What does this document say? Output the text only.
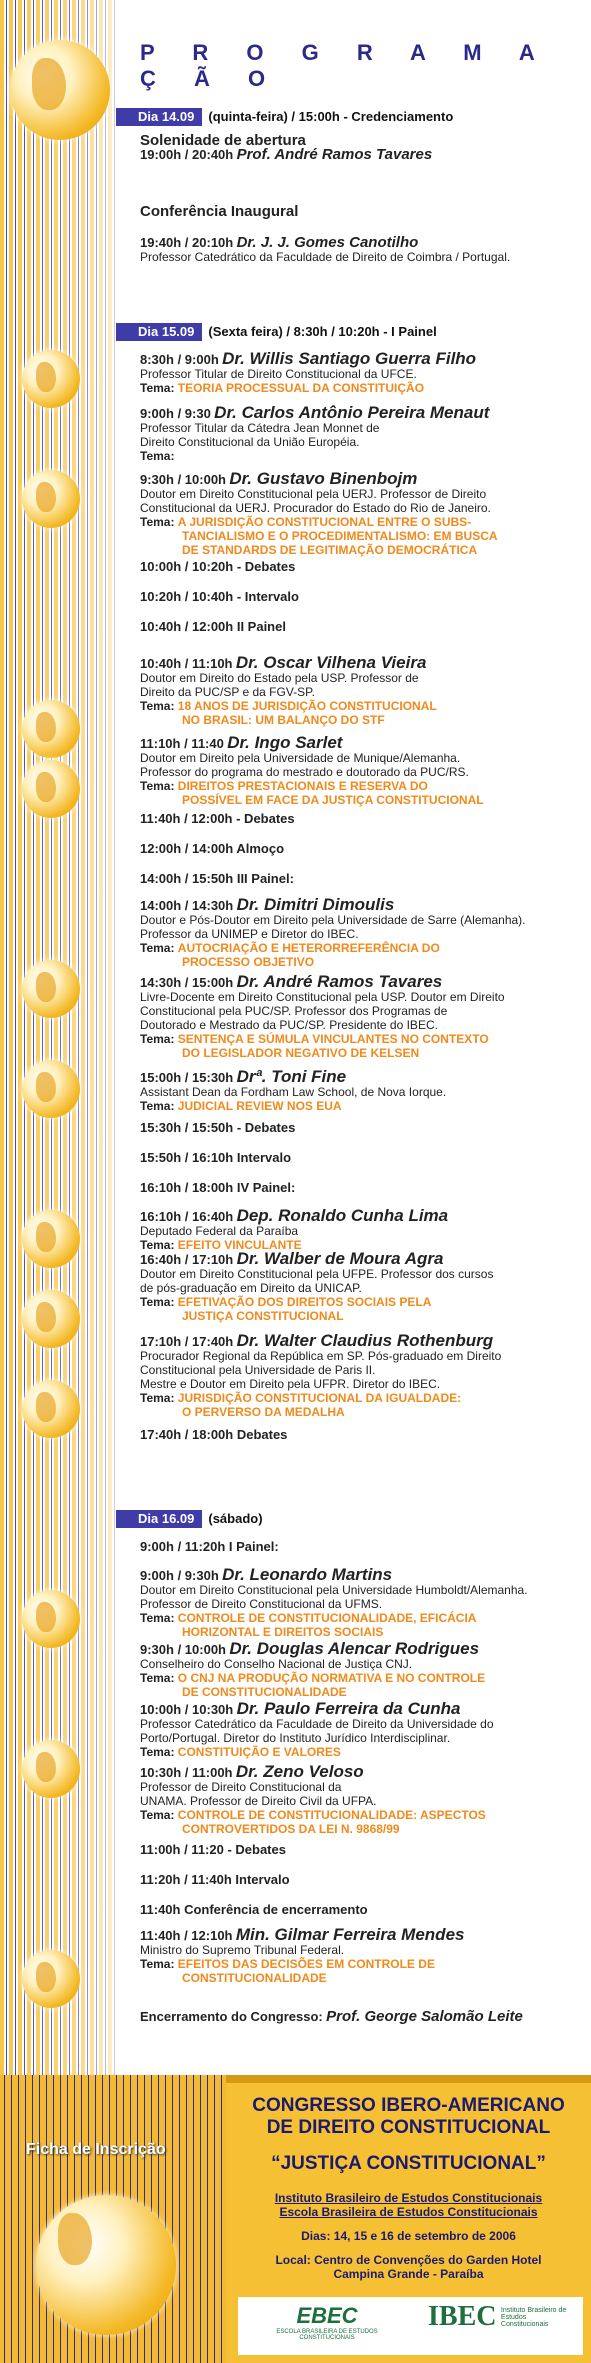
P R O G R A M A Ç Ã O
Dia 14.09 (quinta-feira) / 15:00h - Credenciamento
Solenidade de abertura
19:00h / 20:40h Prof. André Ramos Tavares
Conferência Inaugural
19:40h / 20:10h Dr. J. J. Gomes Canotilho
Professor Catedrático da Faculdade de Direito de Coimbra / Portugal.
Dia 15.09 (Sexta feira) / 8:30h / 10:20h - I Painel
8:30h / 9:00h Dr. Willis Santiago Guerra Filho
Professor Titular de Direito Constitucional da UFCE.
Tema: TEORIA PROCESSUAL DA CONSTITUIÇÃO
9:00h / 9:30 Dr. Carlos Antônio Pereira Menaut
Professor Titular da Cátedra Jean Monnet de
Direito Constitucional da União Européia.
Tema:
9:30h / 10:00h Dr. Gustavo Binenbojm
Doutor em Direito Constitucional pela UERJ. Professor de Direito
Constitucional da UERJ. Procurador do Estado do Rio de Janeiro.
Tema: A JURISDIÇÃO CONSTITUCIONAL ENTRE O SUBS-
TANCIALISMO E O PROCEDIMENTALISMO: EM BUSCA
DE STANDARDS DE LEGITIMAÇÃO DEMOCRÁTICA
10:00h / 10:20h - Debates
10:20h / 10:40h - Intervalo
10:40h / 12:00h II Painel
10:40h / 11:10h Dr. Oscar Vilhena Vieira
Doutor em Direito do Estado pela USP. Professor de
Direito da PUC/SP e da FGV-SP.
Tema: 18 ANOS DE JURISDIÇÃO CONSTITUCIONAL
NO BRASIL: UM BALANÇO DO STF
11:10h / 11:40 Dr. Ingo Sarlet
Doutor em Direito pela Universidade de Munique/Alemanha.
Professor do programa do mestrado e doutorado da PUC/RS.
Tema: DIREITOS PRESTACIONAIS E RESERVA DO
POSSÍVEL EM FACE DA JUSTIÇA CONSTITUCIONAL
11:40h / 12:00h - Debates
12:00h / 14:00h Almoço
14:00h / 15:50h III Painel:
14:00h / 14:30h Dr. Dimitri Dimoulis
Doutor e Pós-Doutor em Direito pela Universidade de Sarre (Alemanha).
Professor da UNIMEP e Diretor do IBEC.
Tema: AUTOCRIAÇÃO E HETERORREFERÊNCIA DO
PROCESSO OBJETIVO
14:30h / 15:00h Dr. André Ramos Tavares
Livre-Docente em Direito Constitucional pela USP. Doutor em Direito
Constitucional pela PUC/SP. Professor dos Programas de
Doutorado e Mestrado da PUC/SP. Presidente do IBEC.
Tema: SENTENÇA E SÚMULA VINCULANTES NO CONTEXTO
DO LEGISLADOR NEGATIVO DE KELSEN
15:00h / 15:30h Drª. Toni Fine
Assistant Dean da Fordham Law School, de Nova Iorque.
Tema: JUDICIAL REVIEW NOS EUA
15:30h / 15:50h - Debates
15:50h / 16:10h Intervalo
16:10h / 18:00h IV Painel:
16:10h / 16:40h Dep. Ronaldo Cunha Lima
Deputado Federal da Paraíba
Tema: EFEITO VINCULANTE
16:40h / 17:10h Dr. Walber de Moura Agra
Doutor em Direito Constitucional pela UFPE. Professor dos cursos
de pós-graduação em Direito da UNICAP.
Tema: EFETIVAÇÃO DOS DIREITOS SOCIAIS PELA
JUSTIÇA CONSTITUCIONAL
17:10h / 17:40h Dr. Walter Claudius Rothenburg
Procurador Regional da República em SP. Pós-graduado em Direito
Constitucional pela Universidade de Paris II.
Mestre e Doutor em Direito pela UFPR. Diretor do IBEC.
Tema: JURISDIÇÃO CONSTITUCIONAL DA IGUALDADE:
O PERVERSO DA MEDALHA
17:40h / 18:00h Debates
Dia 16.09 (sábado)
9:00h / 11:20h I Painel:
9:00h / 9:30h Dr. Leonardo Martins
Doutor em Direito Constitucional pela Universidade Humboldt/Alemanha.
Professor de Direito Constitucional da UFMS.
Tema: CONTROLE DE CONSTITUCIONALIDADE, EFICÁCIA
HORIZONTAL E DIREITOS SOCIAIS
9:30h / 10:00h Dr. Douglas Alencar Rodrigues
Conselheiro do Conselho Nacional de Justiça CNJ.
Tema: O CNJ NA PRODUÇÃO NORMATIVA E NO CONTROLE
DE CONSTITUCIONALIDADE
10:00h / 10:30h Dr. Paulo Ferreira da Cunha
Professor Catedrático da Faculdade de Direito da Universidade do
Porto/Portugal. Diretor do Instituto Jurídico Interdisciplinar.
Tema: CONSTITUIÇÃO E VALORES
10:30h / 11:00h Dr. Zeno Veloso
Professor de Direito Constitucional da
UNAMA. Professor de Direito Civil da UFPA.
Tema: CONTROLE DE CONSTITUCIONALIDADE: ASPECTOS
CONTROVERTIDOS DA LEI N. 9868/99
11:00h / 11:20 - Debates
11:20h / 11:40h Intervalo
11:40h Conferência de encerramento
11:40h / 12:10h Min. Gilmar Ferreira Mendes
Ministro do Supremo Tribunal Federal.
Tema: EFEITOS DAS DECISÕES EM CONTROLE DE
CONSTITUCIONALIDADE
Encerramento do Congresso: Prof. George Salomão Leite
Ficha de Inscrição
CONGRESSO IBERO-AMERICANO
DE DIREITO CONSTITUCIONAL
“JUSTIÇA CONSTITUCIONAL”
Instituto Brasileiro de Estudos Constitucionais
Escola Brasileira de Estudos Constitucionais
Dias: 14, 15 e 16 de setembro de 2006
Local: Centro de Convenções do Garden Hotel
Campina Grande - Paraíba
EBEC
ESCOLA BRASILEIRA DE ESTUDOS CONSTITUCIONAIS
IBEC Instituto Brasileiro de Estudos Constitucionais
